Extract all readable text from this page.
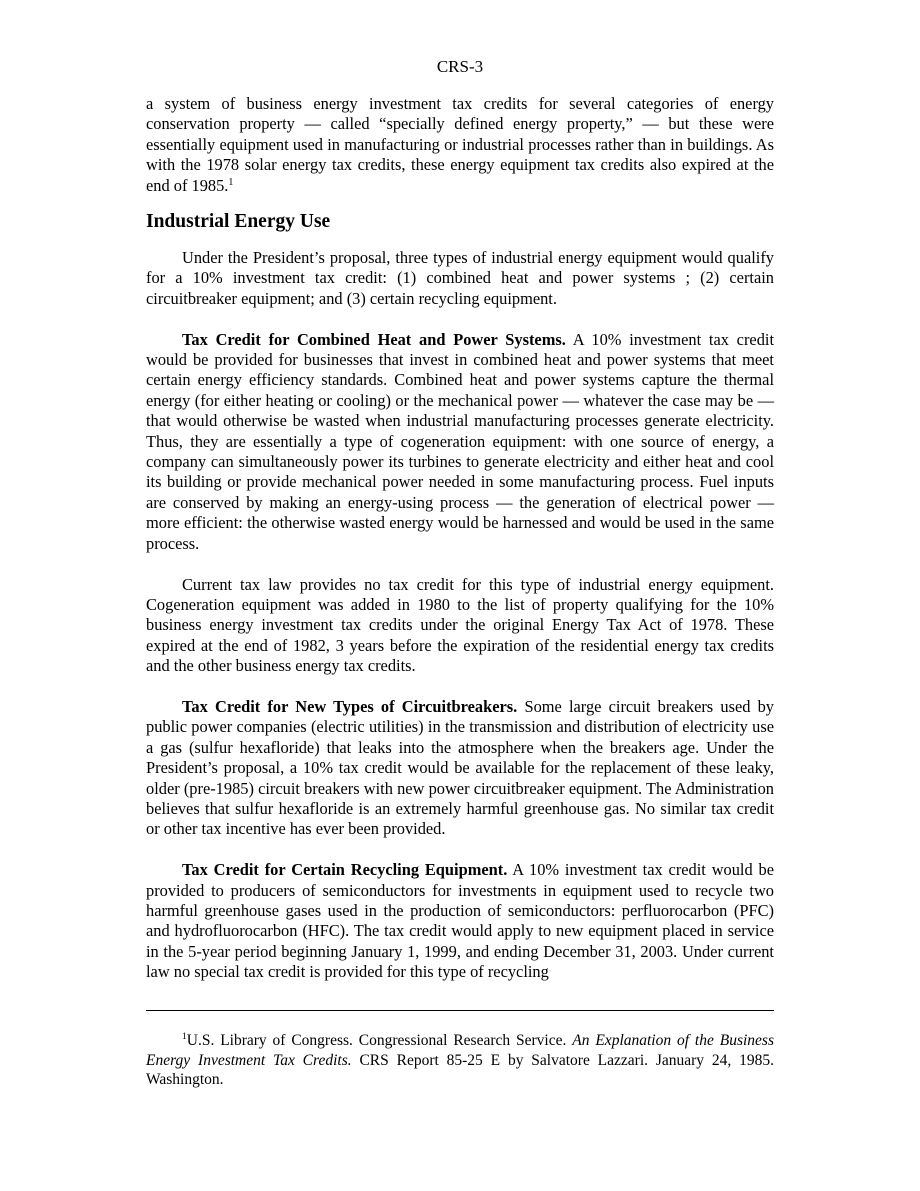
CRS-3

a system of business energy investment tax credits for several categories of energy conservation property — called “specially defined energy property,” — but these were essentially equipment used in manufacturing or industrial processes rather than in buildings. As with the 1978 solar energy tax credits, these energy equipment tax credits also expired at the end of 1985.$^1$

Industrial Energy Use

Under the President’s proposal, three types of industrial energy equipment would qualify for a 10% investment tax credit: (1) combined heat and power systems ; (2) certain circuitbreaker equipment; and (3) certain recycling equipment.

Tax Credit for Combined Heat and Power Systems. A 10% investment tax credit would be provided for businesses that invest in combined heat and power systems that meet certain energy efficiency standards. Combined heat and power systems capture the thermal energy (for either heating or cooling) or the mechanical power — whatever the case may be — that would otherwise be wasted when industrial manufacturing processes generate electricity. Thus, they are essentially a type of cogeneration equipment: with one source of energy, a company can simultaneously power its turbines to generate electricity and either heat and cool its building or provide mechanical power needed in some manufacturing process. Fuel inputs are conserved by making an energy-using process — the generation of electrical power — more efficient: the otherwise wasted energy would be harnessed and would be used in the same process.

Current tax law provides no tax credit for this type of industrial energy equipment. Cogeneration equipment was added in 1980 to the list of property qualifying for the 10% business energy investment tax credits under the original Energy Tax Act of 1978. These expired at the end of 1982, 3 years before the expiration of the residential energy tax credits and the other business energy tax credits.

Tax Credit for New Types of Circuitbreakers. Some large circuit breakers used by public power companies (electric utilities) in the transmission and distribution of electricity use a gas (sulfur hexafloride) that leaks into the atmosphere when the breakers age. Under the President’s proposal, a 10% tax credit would be available for the replacement of these leaky, older (pre-1985) circuit breakers with new power circuitbreaker equipment. The Administration believes that sulfur hexafloride is an extremely harmful greenhouse gas. No similar tax credit or other tax incentive has ever been provided.

Tax Credit for Certain Recycling Equipment. A 10% investment tax credit would be provided to producers of semiconductors for investments in equipment used to recycle two harmful greenhouse gases used in the production of semiconductors: perfluorocarbon (PFC) and hydrofluorocarbon (HFC). The tax credit would apply to new equipment placed in service in the 5-year period beginning January 1, 1999, and ending December 31, 2003. Under current law no special tax credit is provided for this type of recycling

$^1$U.S. Library of Congress. Congressional Research Service. An Explanation of the Business Energy Investment Tax Credits. CRS Report 85-25 E by Salvatore Lazzari. January 24, 1985. Washington.
